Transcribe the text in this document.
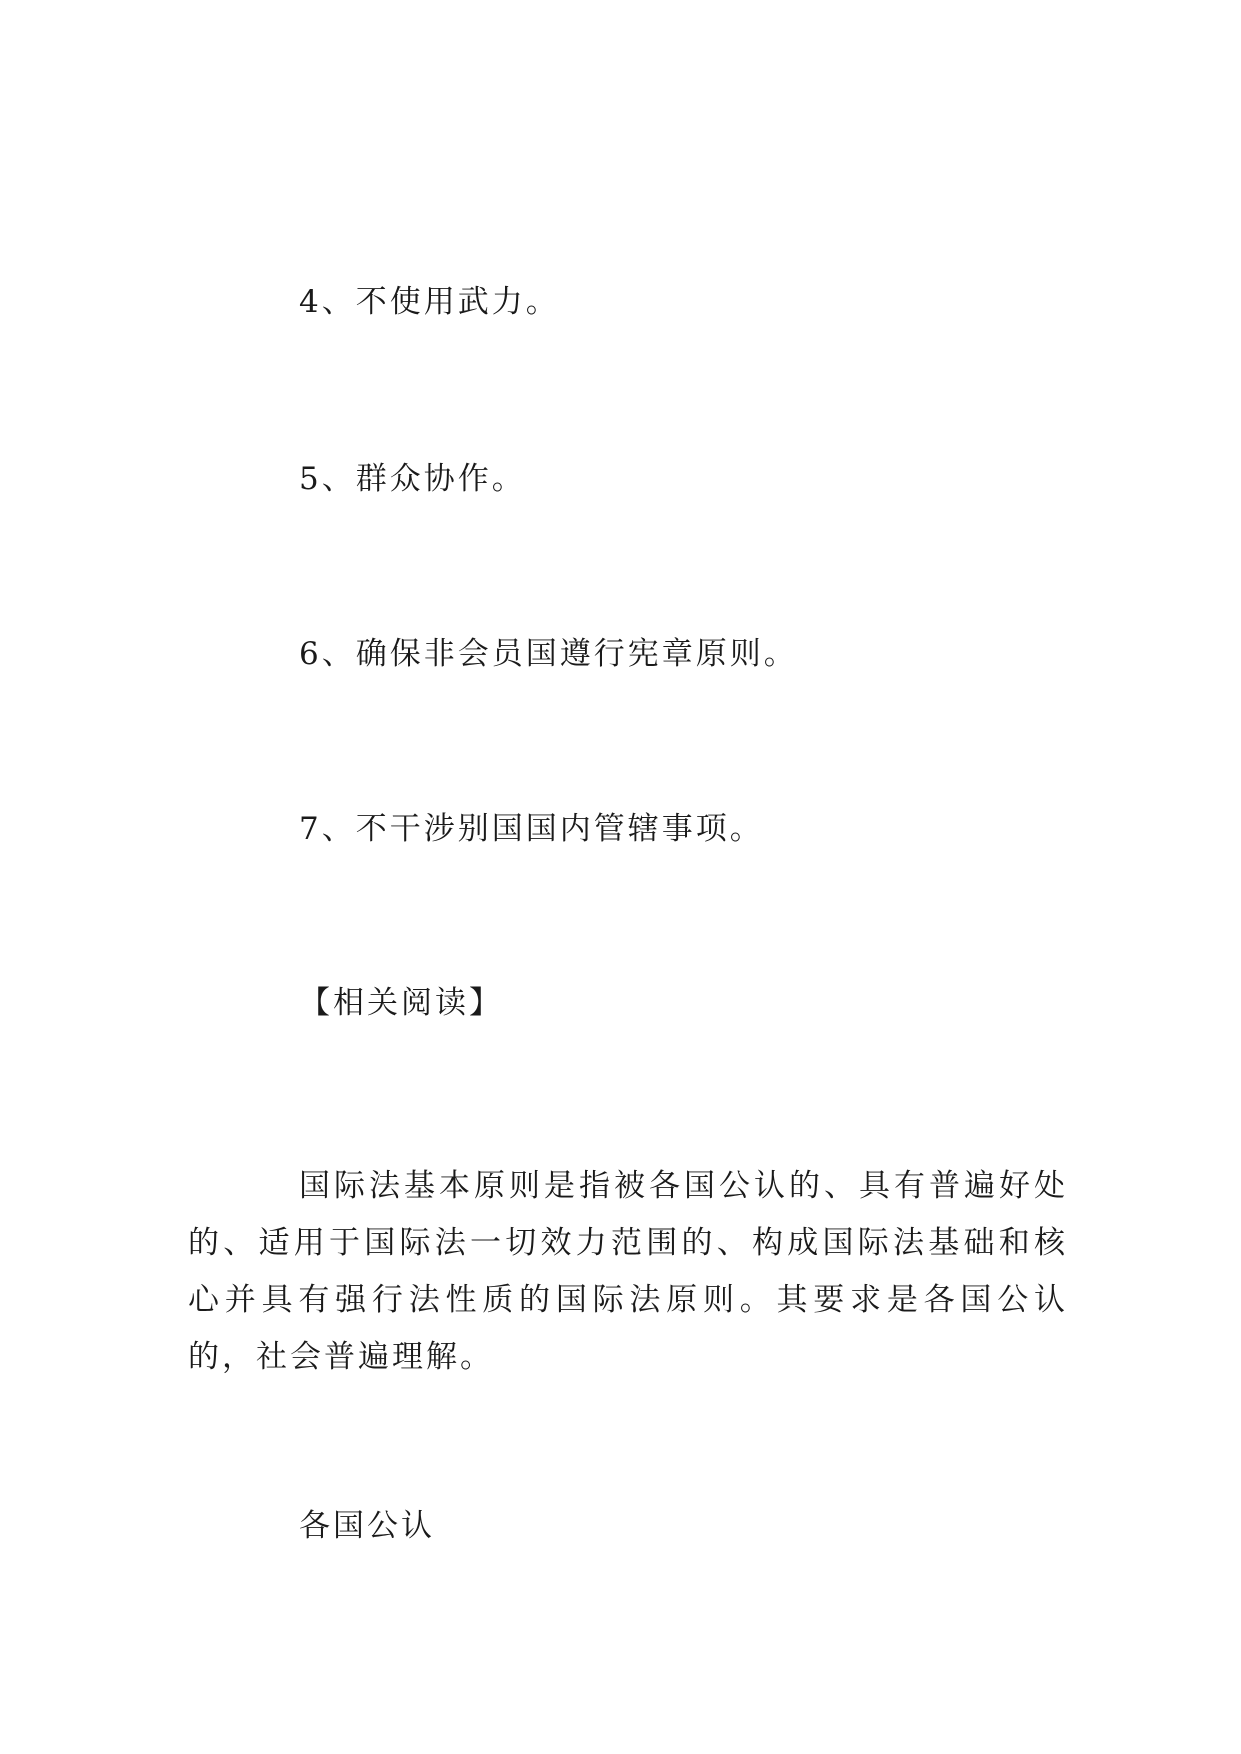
4、不使用武力。

5、群众协作。

6、确保非会员国遵行宪章原则。

7、不干涉别国国内管辖事项。

【相关阅读】

国际法基本原则是指被各国公认的、具有普遍好处的、适用于国际法一切效力范围的、构成国际法基础和核心并具有强行法性质的国际法原则。其要求是各国公认的，社会普遍理解。

各国公认
